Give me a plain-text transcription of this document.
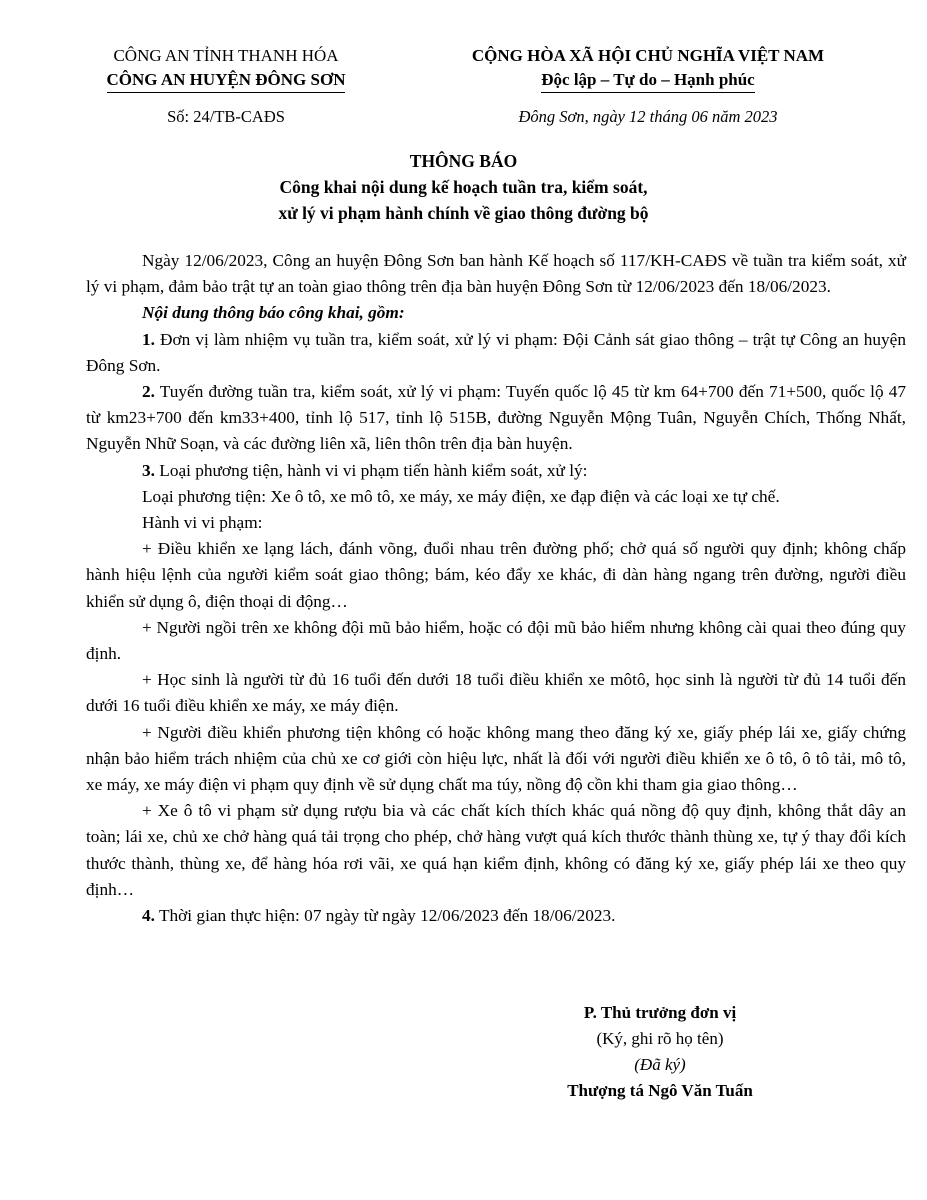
CÔNG AN TỈNH THANH HÓA
CÔNG AN HUYỆN ĐÔNG SƠN
Số: 24/TB-CAĐS
CỘNG HÒA XÃ HỘI CHỦ NGHĨA VIỆT NAM
Độc lập – Tự do – Hạnh phúc
Đông Sơn, ngày 12 tháng 06 năm 2023
THÔNG BÁO
Công khai nội dung kế hoạch tuần tra, kiểm soát,
xử lý vi phạm hành chính về giao thông đường bộ

Ngày 12/06/2023, Công an huyện Đông Sơn ban hành Kế hoạch số 117/KH-CAĐS về tuần tra kiểm soát, xử lý vi phạm, đảm bảo trật tự an toàn giao thông trên địa bàn huyện Đông Sơn từ 12/06/2023 đến 18/06/2023.

Nội dung thông báo công khai, gồm:

1. Đơn vị làm nhiệm vụ tuần tra, kiểm soát, xử lý vi phạm: Đội Cảnh sát giao thông – trật tự Công an huyện Đông Sơn.

2. Tuyến đường tuần tra, kiểm soát, xử lý vi phạm: Tuyến quốc lộ 45 từ km 64+700 đến 71+500, quốc lộ 47 từ km23+700 đến km33+400, tỉnh lộ 517, tỉnh lộ 515B, đường Nguyễn Mộng Tuân, Nguyễn Chích, Thống Nhất, Nguyễn Nhữ Soạn, và các đường liên xã, liên thôn trên địa bàn huyện.

3. Loại phương tiện, hành vi vi phạm tiến hành kiểm soát, xử lý:

Loại phương tiện: Xe ô tô, xe mô tô, xe máy, xe máy điện, xe đạp điện và các loại xe tự chế.

Hành vi vi phạm:

+ Điều khiển xe lạng lách, đánh võng, đuổi nhau trên đường phố; chở quá số người quy định; không chấp hành hiệu lệnh của người kiểm soát giao thông; bám, kéo đẩy xe khác, đi dàn hàng ngang trên đường, người điều khiển sử dụng ô, điện thoại di động…

+ Người ngồi trên xe không đội mũ bảo hiểm, hoặc có đội mũ bảo hiểm nhưng không cài quai theo đúng quy định.

+ Học sinh là người từ đủ 16 tuổi đến dưới 18 tuổi điều khiển xe môtô, học sinh là người từ đủ 14 tuổi đến dưới 16 tuổi điều khiển xe máy, xe máy điện.

+ Người điều khiển phương tiện không có hoặc không mang theo đăng ký xe, giấy phép lái xe, giấy chứng nhận bảo hiểm trách nhiệm của chủ xe cơ giới còn hiệu lực, nhất là đối với người điều khiển xe ô tô, ô tô tải, mô tô, xe máy, xe máy điện vi phạm quy định về sử dụng chất ma túy, nồng độ cồn khi tham gia giao thông…

+ Xe ô tô vi phạm sử dụng rượu bia và các chất kích thích khác quá nồng độ quy định, không thắt dây an toàn; lái xe, chủ xe chở hàng quá tải trọng cho phép, chở hàng vượt quá kích thước thành thùng xe, tự ý thay đổi kích thước thành, thùng xe, để hàng hóa rơi vãi, xe quá hạn kiểm định, không có đăng ký xe, giấy phép lái xe theo quy định…

4. Thời gian thực hiện: 07 ngày từ ngày 12/06/2023 đến 18/06/2023.

P. Thủ trưởng đơn vị
(Ký, ghi rõ họ tên)
(Đã ký)
Thượng tá Ngô Văn Tuấn
